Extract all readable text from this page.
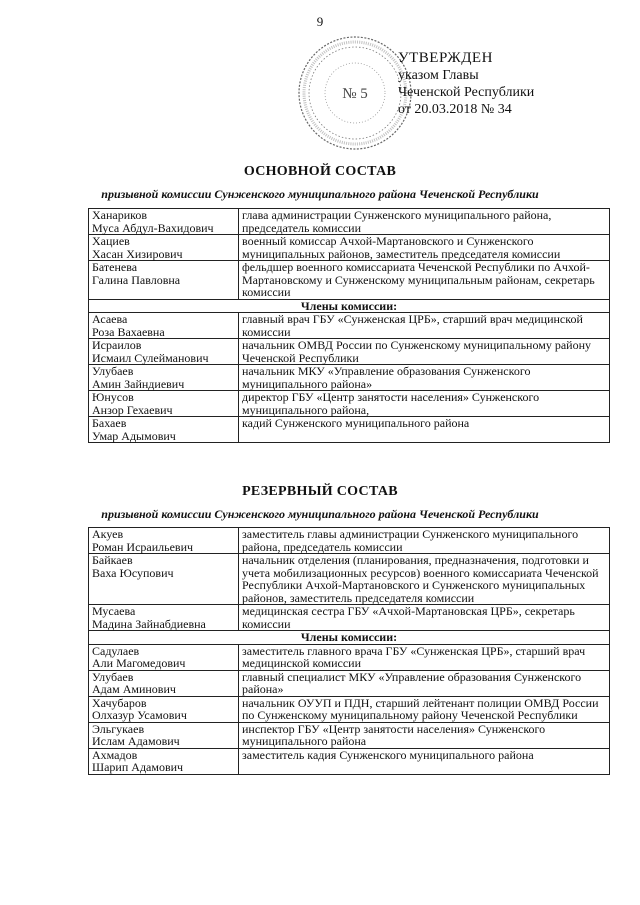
9
№ 5
УТВЕРЖДЕН
указом Главы
Чеченской Республики
от 20.03.2018 № 34
ОСНОВНОЙ СОСТАВ
призывной комиссии Сунженского муниципального района Чеченской Республики
Ханариков
Муса Абдул-Вахидович	глава администрации Сунженского муниципального района, председатель комиссии

Хациев
Хасан Хизирович	военный комиссар Ачхой-Мартановского и Сунженского муниципальных районов, заместитель председателя комиссии

Батенева
Галина Павловна	фельдшер военного комиссариата Чеченской Республики по Ачхой-Мартановскому и Сунженскому муниципальным районам, секретарь комиссии
Члены комиссии:	

Асаева
Роза Вахаевна	главный врач ГБУ «Сунженская ЦРБ», старший врач медицинской комиссии

Исраилов
Исмаил Сулейманович	начальник ОМВД России по Сунженскому муниципальному району Чеченской Республики

Улубаев
Амин Зайндиевич	начальник МКУ «Управление образования Сунженского муниципального района»

Юнусов
Анзор Гехаевич	директор ГБУ «Центр занятости населения» Сунженского муниципального района,

Бахаев
Умар Адымович	кадий Сунженского муниципального района
РЕЗЕРВНЫЙ СОСТАВ
призывной комиссии Сунженского муниципального района Чеченской Республики
Акуев
Роман Исраильевич	заместитель главы администрации Сунженского муниципального района, председатель комиссии

Байкаев
Ваха Юсупович	начальник отделения (планирования, предназначения, подготовки и учета мобилизационных ресурсов) военного комиссариата Чеченской Республики Ачхой-Мартановского и Сунженского муниципальных районов, заместитель председателя комиссии

Мусаева
Мадина Зайнабдиевна	медицинская сестра ГБУ «Ачхой-Мартановская ЦРБ», секретарь комиссии
Члены комиссии:	

Садулаев
Али Магомедович	заместитель главного врача ГБУ «Сунженская ЦРБ», старший врач медицинской комиссии

Улубаев
Адам Аминович	главный специалист МКУ «Управление образования Сунженского района»

Хачубаров
Олхазур Усамович	начальник ОУУП и ПДН, старший лейтенант полиции ОМВД России по Сунженскому муниципальному району Чеченской Республики

Эльгукаев
Ислам Адамович	инспектор ГБУ «Центр занятости населения» Сунженского муниципального района

Ахмадов
Шарип Адамович	заместитель кадия Сунженского муниципального района
